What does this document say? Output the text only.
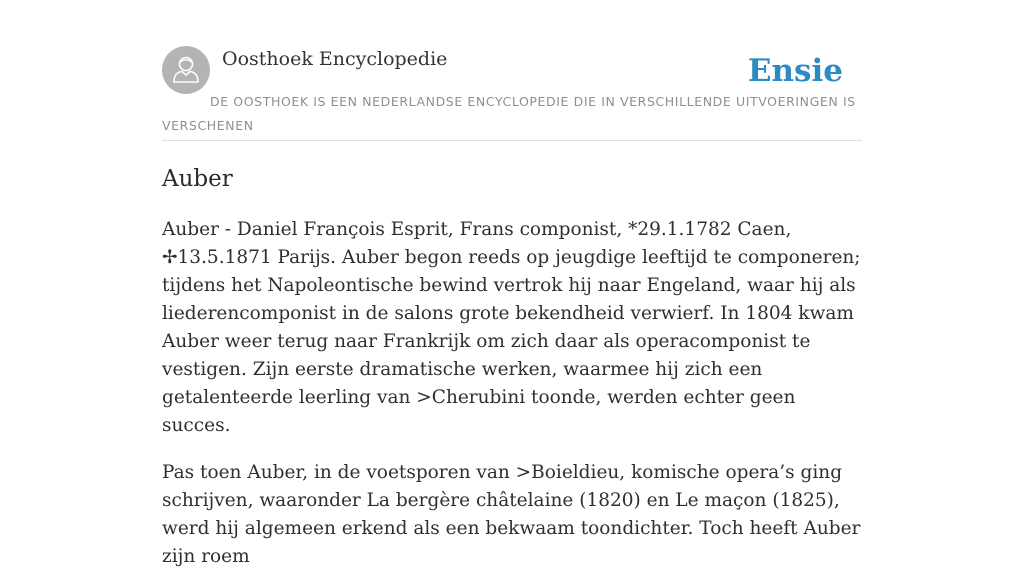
Oosthoek Encyclopedie	Ensie
DE OOSTHOEK IS EEN NEDERLANDSE ENCYCLOPEDIE DIE IN VERSCHILLENDE UITVOERINGEN IS VERSCHENEN
Auber

Auber - Daniel François Esprit, Frans componist, *29.1.1782 Caen, ✢13.5.1871 Parijs. Auber begon reeds op jeugdige leeftijd te componeren; tijdens het Napoleontische bewind vertrok hij naar Engeland, waar hij als liederencomponist in de salons grote bekendheid verwierf. In 1804 kwam Auber weer terug naar Frankrijk om zich daar als operacomponist te vestigen. Zijn eerste dramatische werken, waarmee hij zich een getalenteerde leerling van >Cherubini toonde, werden echter geen succes.

Pas toen Auber, in de voetsporen van >Boieldieu, komische opera’s ging schrijven, waaronder La bergère châtelaine (1820) en Le maçon (1825), werd hij algemeen erkend als een bekwaam toondichter. Toch heeft Auber zijn roem
